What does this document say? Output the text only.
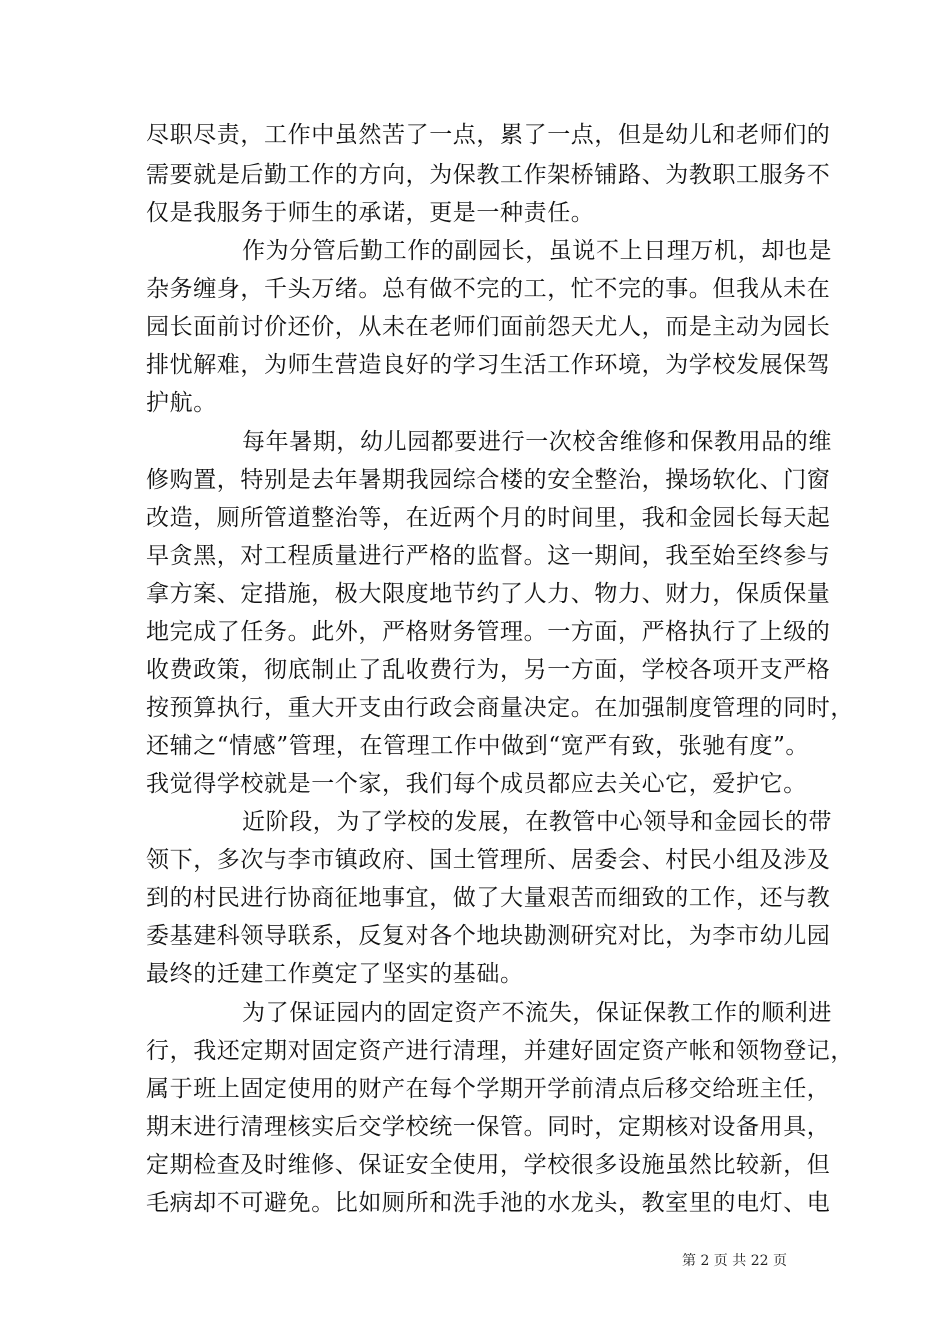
尽职尽责，工作中虽然苦了一点，累了一点，但是幼儿和老师们的
需要就是后勤工作的方向，为保教工作架桥铺路、为教职工服务不
仅是我服务于师生的承诺，更是一种责任。
作为分管后勤工作的副园长，虽说不上日理万机，却也是
杂务缠身，千头万绪。总有做不完的工，忙不完的事。但我从未在
园长面前讨价还价，从未在老师们面前怨天尤人，而是主动为园长
排忧解难，为师生营造良好的学习生活工作环境，为学校发展保驾
护航。
每年暑期，幼儿园都要进行一次校舍维修和保教用品的维
修购置，特别是去年暑期我园综合楼的安全整治，操场软化、门窗
改造，厕所管道整治等，在近两个月的时间里，我和金园长每天起
早贪黑，对工程质量进行严格的监督。这一期间，我至始至终参与
拿方案、定措施，极大限度地节约了人力、物力、财力，保质保量
地完成了任务。此外，严格财务管理。一方面，严格执行了上级的
收费政策，彻底制止了乱收费行为，另一方面，学校各项开支严格
按预算执行，重大开支由行政会商量决定。在加强制度管理的同时，
还辅之“情感”管理，在管理工作中做到“宽严有致，张驰有度”。
我觉得学校就是一个家，我们每个成员都应去关心它，爱护它。
近阶段，为了学校的发展，在教管中心领导和金园长的带
领下，多次与李市镇政府、国土管理所、居委会、村民小组及涉及
到的村民进行协商征地事宜，做了大量艰苦而细致的工作，还与教
委基建科领导联系，反复对各个地块勘测研究对比，为李市幼儿园
最终的迁建工作奠定了坚实的基础。
为了保证园内的固定资产不流失，保证保教工作的顺利进
行，我还定期对固定资产进行清理，并建好固定资产帐和领物登记，
属于班上固定使用的财产在每个学期开学前清点后移交给班主任，
期末进行清理核实后交学校统一保管。同时，定期核对设备用具，
定期检查及时维修、保证安全使用，学校很多设施虽然比较新，但
毛病却不可避免。比如厕所和洗手池的水龙头，教室里的电灯、电
第 2 页 共 22 页
